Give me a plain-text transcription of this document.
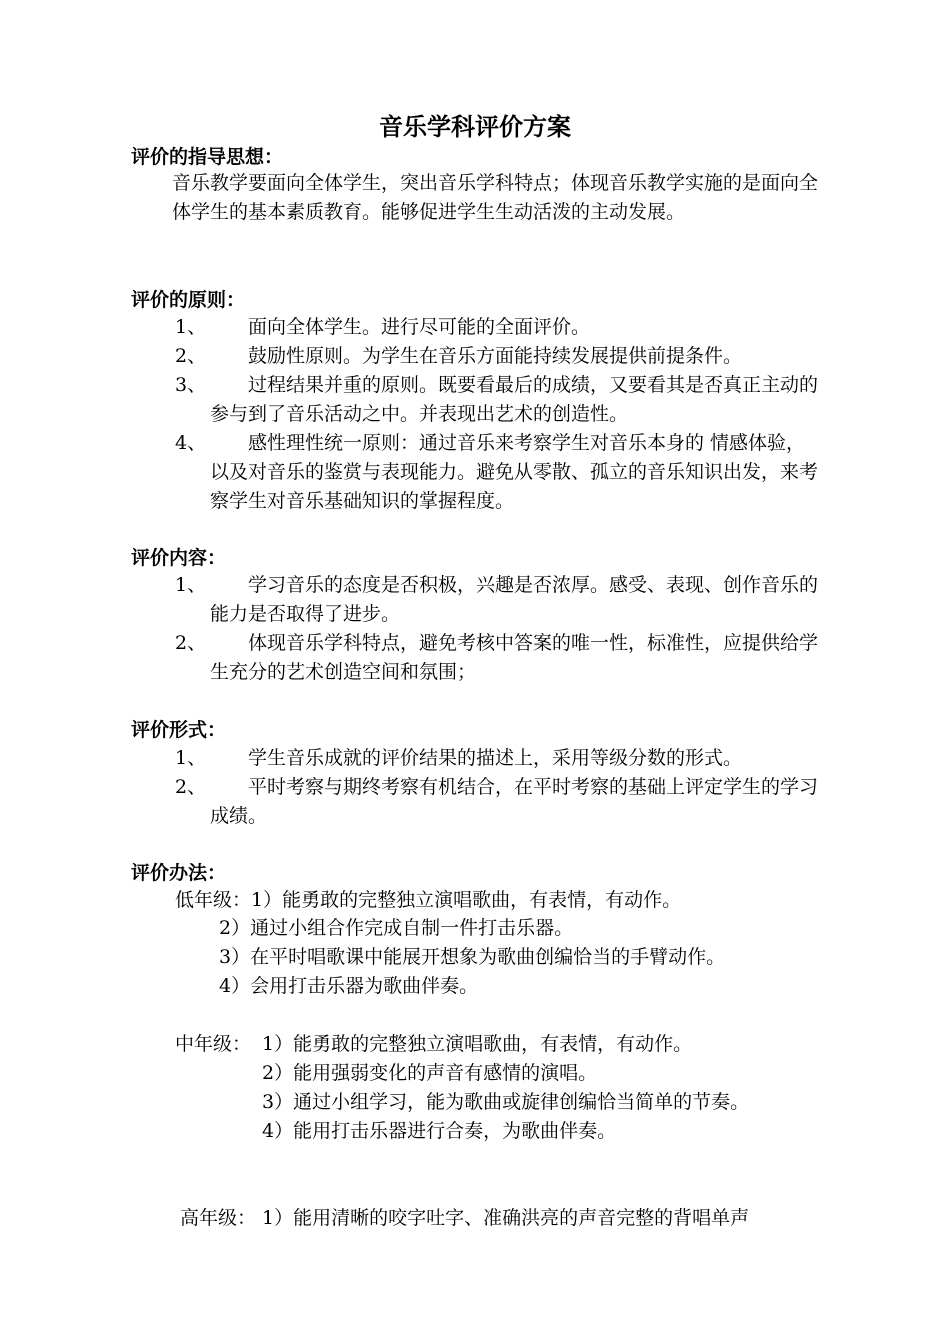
音乐学科评价方案
评价的指导思想：
音乐教学要面向全体学生，突出音乐学科特点；体现音乐教学实施的是面向全体学生的基本素质教育。能够促进学生生动活泼的主动发展。
评价的原则：
1、	面向全体学生。进行尽可能的全面评价。
2、	鼓励性原则。为学生在音乐方面能持续发展提供前提条件。
3、	过程结果并重的原则。既要看最后的成绩，又要看其是否真正主动的参与到了音乐活动之中。并表现出艺术的创造性。
4、	感性理性统一原则：通过音乐来考察学生对音乐本身的 情感体验，以及对音乐的鉴赏与表现能力。避免从零散、孤立的音乐知识出发，来考察学生对音乐基础知识的掌握程度。
评价内容：
1、	学习音乐的态度是否积极，兴趣是否浓厚。感受、表现、创作音乐的能力是否取得了进步。
2、	体现音乐学科特点，避免考核中答案的唯一性，标准性，应提供给学生充分的艺术创造空间和氛围；
评价形式：
1、	学生音乐成就的评价结果的描述上，采用等级分数的形式。
2、	平时考察与期终考察有机结合，在平时考察的基础上评定学生的学习成绩。
评价办法：
低年级： 1）能勇敢的完整独立演唱歌曲，有表情，有动作。
2）通过小组合作完成自制一件打击乐器。
3）在平时唱歌课中能展开想象为歌曲创编恰当的手臂动作。
4）会用打击乐器为歌曲伴奏。
中年级： 1）能勇敢的完整独立演唱歌曲，有表情，有动作。
2）能用强弱变化的声音有感情的演唱。
3）通过小组学习，能为歌曲或旋律创编恰当简单的节奏。
4）能用打击乐器进行合奏，为歌曲伴奏。
高年级： 1）能用清晰的咬字吐字、准确洪亮的声音完整的背唱单声
